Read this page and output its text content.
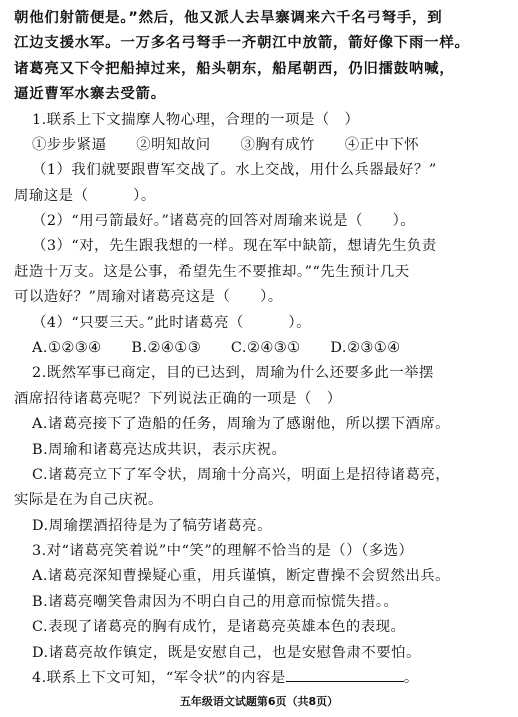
朝他们射箭便是。”然后，他又派人去旱寨调来六千名弓弩手，到
江边支援水军。一万多名弓弩手一齐朝江中放箭，箭好像下雨一样。
诸葛亮又下令把船掉过来，船头朝东，船尾朝西，仍旧擂鼓呐喊，
逼近曹军水寨去受箭。
1.联系上下文揣摩人物心理，合理的一项是（　）
①步步紧逼　　②明知故问　　③胸有成竹　　④正中下怀
（1）我们就要跟曹军交战了。水上交战，用什么兵器最好？”
周瑜这是（　　　）。
（2）“用弓箭最好。”诸葛亮的回答对周瑜来说是（　　）。
（3）“对，先生跟我想的一样。现在军中缺箭，想请先生负责
赶造十万支。这是公事，希望先生不要推却。”“先生预计几天
可以造好？”周瑜对诸葛亮这是（　　）。
（4）“只要三天。”此时诸葛亮（　　　）。
A.①②③④　　B.②④①③　　C.②④③①　　D.②③①④
2.既然军事已商定，目的已达到，周瑜为什么还要多此一举摆
酒席招待诸葛亮呢？下列说法正确的一项是（　）
A.诸葛亮接下了造船的任务，周瑜为了感谢他，所以摆下酒席。
B.周瑜和诸葛亮达成共识，表示庆祝。
C.诸葛亮立下了军令状，周瑜十分高兴，明面上是招待诸葛亮，
实际是在为自己庆祝。
D.周瑜摆酒招待是为了犒劳诸葛亮。
3.对“诸葛亮笑着说”中“笑”的理解不恰当的是（）（多选）
A.诸葛亮深知曹操疑心重，用兵谨慎，断定曹操不会贸然出兵。
B.诸葛亮嘲笑鲁肃因为不明白自己的用意而惊慌失措。。
C.表现了诸葛亮的胸有成竹，是诸葛亮英雄本色的表现。
D.诸葛亮故作镇定，既是安慰自己，也是安慰鲁肃不要怕。
4.联系上下文可知，“军令状”的内容是	。
五年级语文试题第6页（共8页）
